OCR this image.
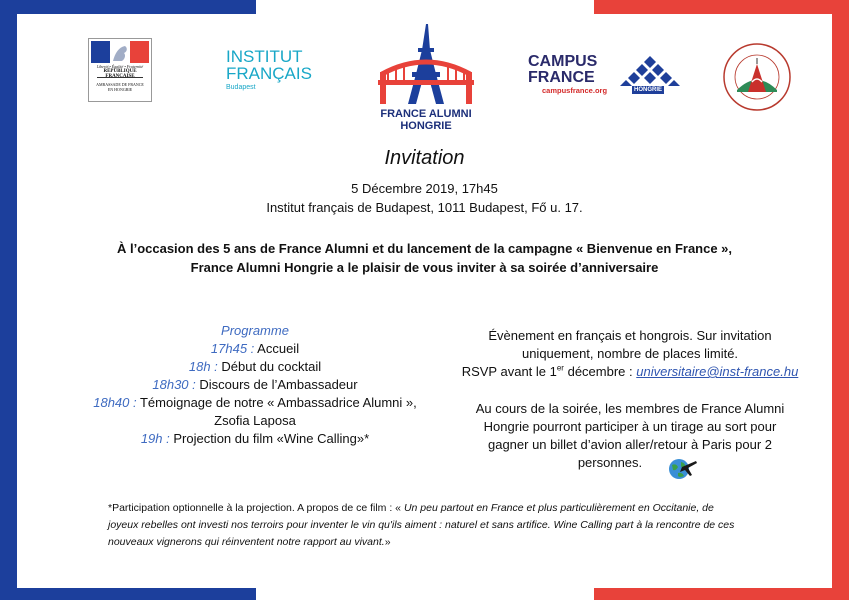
Liberté • Égalité • Fraternité
RÉPUBLIQUE
AMBASSADE DE FRANCE
EN HONGRIE
INSTITUT
FRANÇAIS
Budapest
FRANCE ALUMNI
HONGRIE
CAMPUS
FRANCE
campusfrance.org	HONGRIE
Invitation
5 Décembre 2019, 17h45
Institut français de Budapest, 1011 Budapest, Fő u. 17.
À l’occasion des 5 ans de France Alumni et du lancement de la campagne « Bienvenue en France »,
France Alumni Hongrie a le plaisir de vous inviter à sa soirée d’anniversaire
Programme
17h45 : Accueil
18h : Début du cocktail
18h30 : Discours de l’Ambassadeur
18h40 : Témoignage de notre « Ambassadrice Alumni »,
Zsofia Laposa
19h : Projection du film «Wine Calling»*
Évènement en français et hongrois. Sur invitation
uniquement, nombre de places limité.
RSVP avant le 1er décembre : universitaire@inst-france.hu
Au cours de la soirée, les membres de France Alumni
Hongrie pourront participer à un tirage au sort pour
gagner un billet d’avion aller/retour à Paris pour 2
personnes.
*Participation optionnelle à la projection. A propos de ce film : « Un peu partout en France et plus particulièrement en Occitanie, de
joyeux rebelles ont investi nos terroirs pour inventer le vin qu'ils aiment : naturel et sans artifice. Wine Calling part à la rencontre de ces
nouveaux vignerons qui réinventent notre rapport au vivant.»
